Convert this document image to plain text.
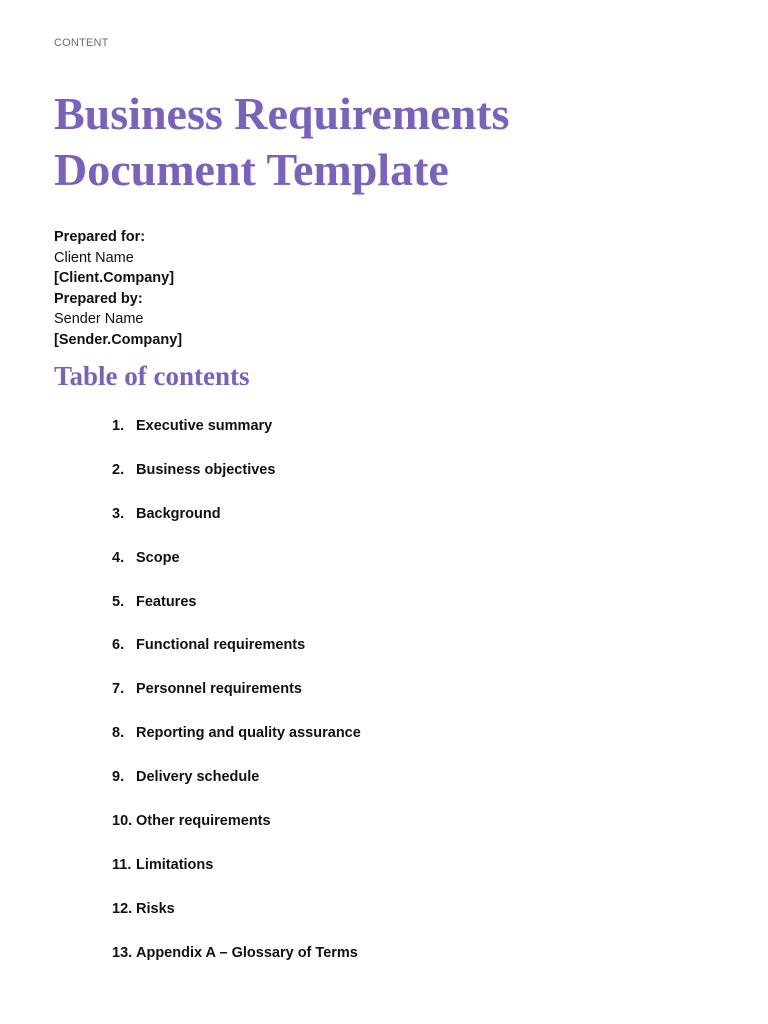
CONTENT
Business Requirements
Document Template
Prepared for:
Client Name
[Client.Company]
Prepared by:
Sender Name
[Sender.Company]
Table of contents
1. Executive summary
2. Business objectives
3. Background
4. Scope
5. Features
6. Functional requirements
7. Personnel requirements
8. Reporting and quality assurance
9. Delivery schedule
10. Other requirements
11. Limitations
12. Risks
13. Appendix A – Glossary of Terms
